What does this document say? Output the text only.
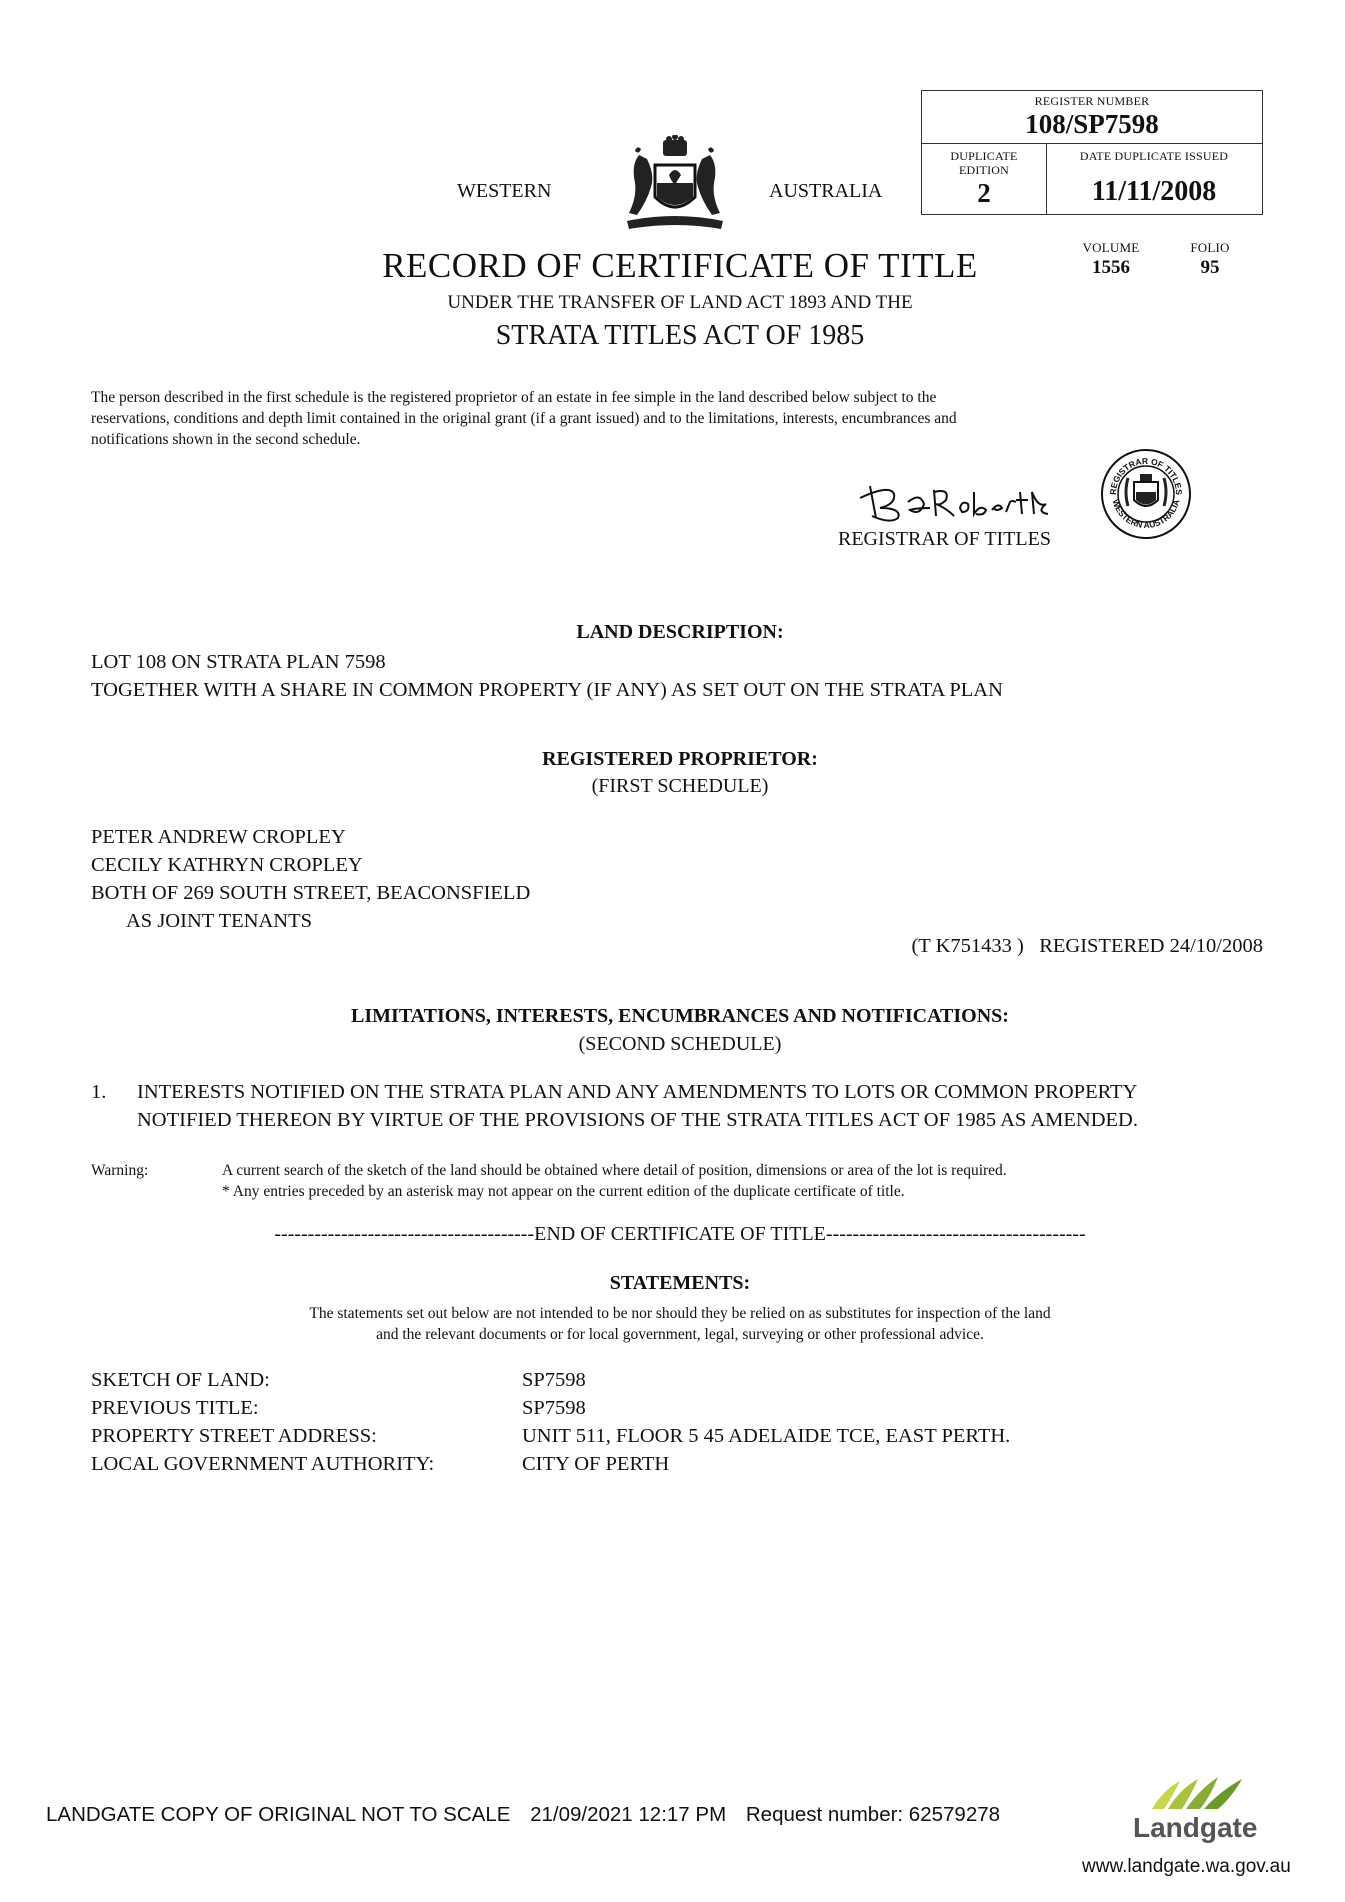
WESTERN	AUSTRALIA
REGISTER NUMBER
108/SP7598
DUPLICATE
EDITION
2
DATE DUPLICATE ISSUED
11/11/2008
VOLUME
1556
FOLIO
95
RECORD OF CERTIFICATE OF TITLE
UNDER THE TRANSFER OF LAND ACT 1893 AND THE
STRATA TITLES ACT OF 1985
The person described in the first schedule is the registered proprietor of an estate in fee simple in the land described below subject to the
reservations, conditions and depth limit contained in the original grant (if a grant issued) and to the limitations, interests, encumbrances and
notifications shown in the second schedule.
REGISTRAR OF TITLES
REGISTRAR OF TITLES
WESTERN AUSTRALIA
LAND DESCRIPTION:
LOT 108 ON STRATA PLAN 7598
TOGETHER WITH A SHARE IN COMMON PROPERTY (IF ANY) AS SET OUT ON THE STRATA PLAN
REGISTERED PROPRIETOR:
(FIRST SCHEDULE)
PETER ANDREW CROPLEY
CECILY KATHRYN CROPLEY
BOTH OF 269 SOUTH STREET, BEACONSFIELD
AS JOINT TENANTS
(T K751433 )   REGISTERED 24/10/2008
LIMITATIONS, INTERESTS, ENCUMBRANCES AND NOTIFICATIONS:
(SECOND SCHEDULE)
1. INTERESTS NOTIFIED ON THE STRATA PLAN AND ANY AMENDMENTS TO LOTS OR COMMON PROPERTY
NOTIFIED THEREON BY VIRTUE OF THE PROVISIONS OF THE STRATA TITLES ACT OF 1985 AS AMENDED.
Warning:	A current search of the sketch of the land should be obtained where detail of position, dimensions or area of the lot is required.
* Any entries preceded by an asterisk may not appear on the current edition of the duplicate certificate of title.
---------------------------------------END OF CERTIFICATE OF TITLE---------------------------------------
STATEMENTS:
The statements set out below are not intended to be nor should they be relied on as substitutes for inspection of the land
and the relevant documents or for local government, legal, surveying or other professional advice.
SKETCH OF LAND:	SP7598
PREVIOUS TITLE:	SP7598
PROPERTY STREET ADDRESS:	UNIT 511, FLOOR 5 45 ADELAIDE TCE, EAST PERTH.
LOCAL GOVERNMENT AUTHORITY:	CITY OF PERTH
LANDGATE COPY OF ORIGINAL NOT TO SCALE 21/09/2021 12:17 PM Request number: 62579278	Landgate
www.landgate.wa.gov.au
